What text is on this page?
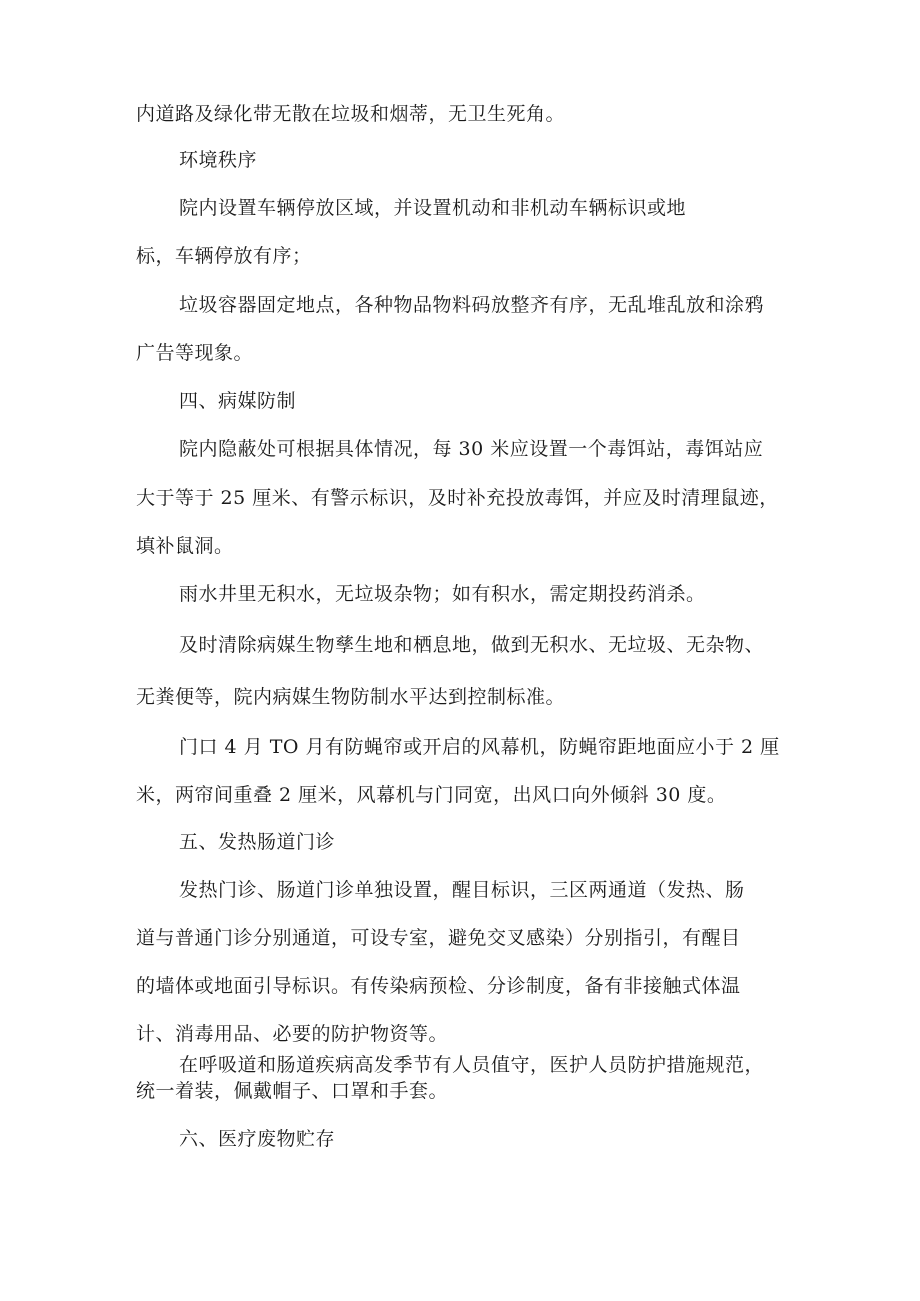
内道路及绿化带无散在垃圾和烟蒂，无卫生死角。
环境秩序
院内设置车辆停放区域，并设置机动和非机动车辆标识或地
标，车辆停放有序；
垃圾容器固定地点，各种物品物料码放整齐有序，无乱堆乱放和涂鸦
广告等现象。
四、病媒防制
院内隐蔽处可根据具体情况，每 30 米应设置一个毒饵站，毒饵站应
大于等于 25 厘米、有警示标识，及时补充投放毒饵，并应及时清理鼠迹，
填补鼠洞。
雨水井里无积水，无垃圾杂物；如有积水，需定期投药消杀。
及时清除病媒生物孳生地和栖息地，做到无积水、无垃圾、无杂物、
无粪便等，院内病媒生物防制水平达到控制标准。
门口 4 月 TO 月有防蝇帘或开启的风幕机，防蝇帘距地面应小于 2 厘
米，两帘间重叠 2 厘米，风幕机与门同宽，出风口向外倾斜 30 度。
五、发热肠道门诊
发热门诊、肠道门诊单独设置，醒目标识，三区两通道（发热、肠
道与普通门诊分别通道，可设专室，避免交叉感染）分别指引，有醒目
的墙体或地面引导标识。有传染病预检、分诊制度，备有非接触式体温
计、消毒用品、必要的防护物资等。
在呼吸道和肠道疾病高发季节有人员值守，医护人员防护措施规范，
统一着装，佩戴帽子、口罩和手套。
六、医疗废物贮存
